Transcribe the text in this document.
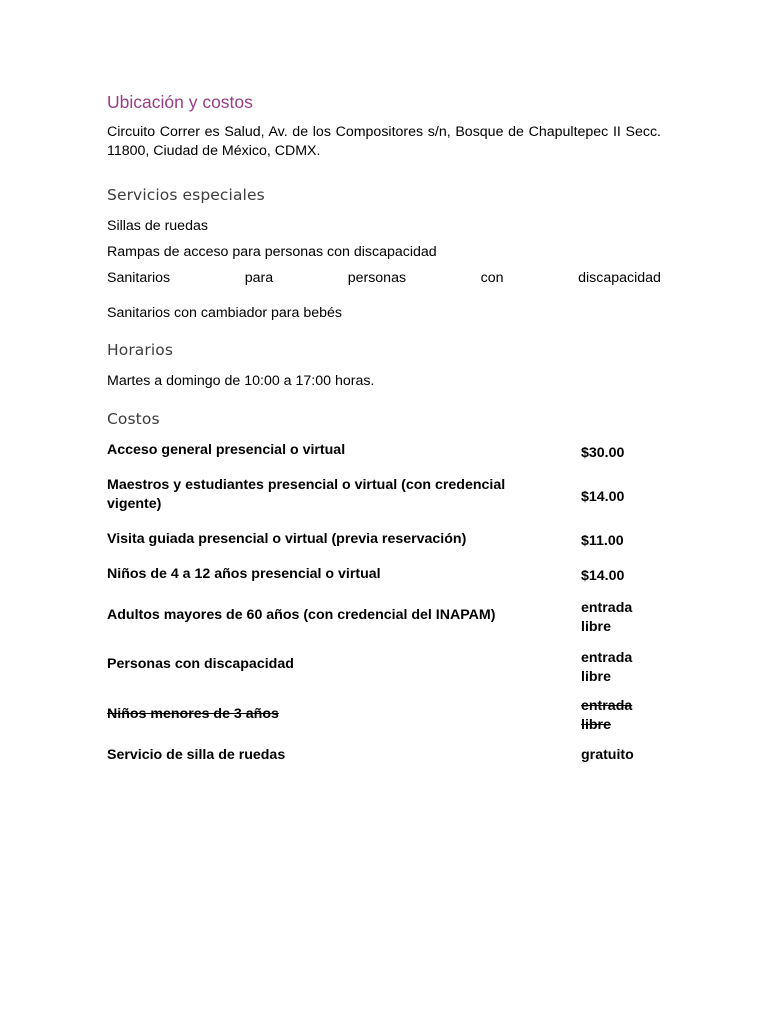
Ubicación y costos
Circuito Correr es Salud, Av. de los Compositores s/n, Bosque de Chapultepec II Secc. 11800, Ciudad de México, CDMX.
Servicios especiales
Sillas de ruedas
Rampas de acceso para personas con discapacidad
Sanitarios	para	personas	con	discapacidad
Sanitarios con cambiador para bebés
Horarios
Martes a domingo de 10:00 a 17:00 horas.
Costos
Acceso general presencial o virtual	$30.00
Maestros y estudiantes presencial o virtual (con credencial vigente)	$14.00
Visita guiada presencial o virtual (previa reservación)	$11.00
Niños de 4 a 12 años presencial o virtual	$14.00
Adultos mayores de 60 años (con credencial del INAPAM)	entrada libre
Personas con discapacidad	entrada libre
Niños menores de 3 años	entrada libre
Servicio de silla de ruedas	gratuito
